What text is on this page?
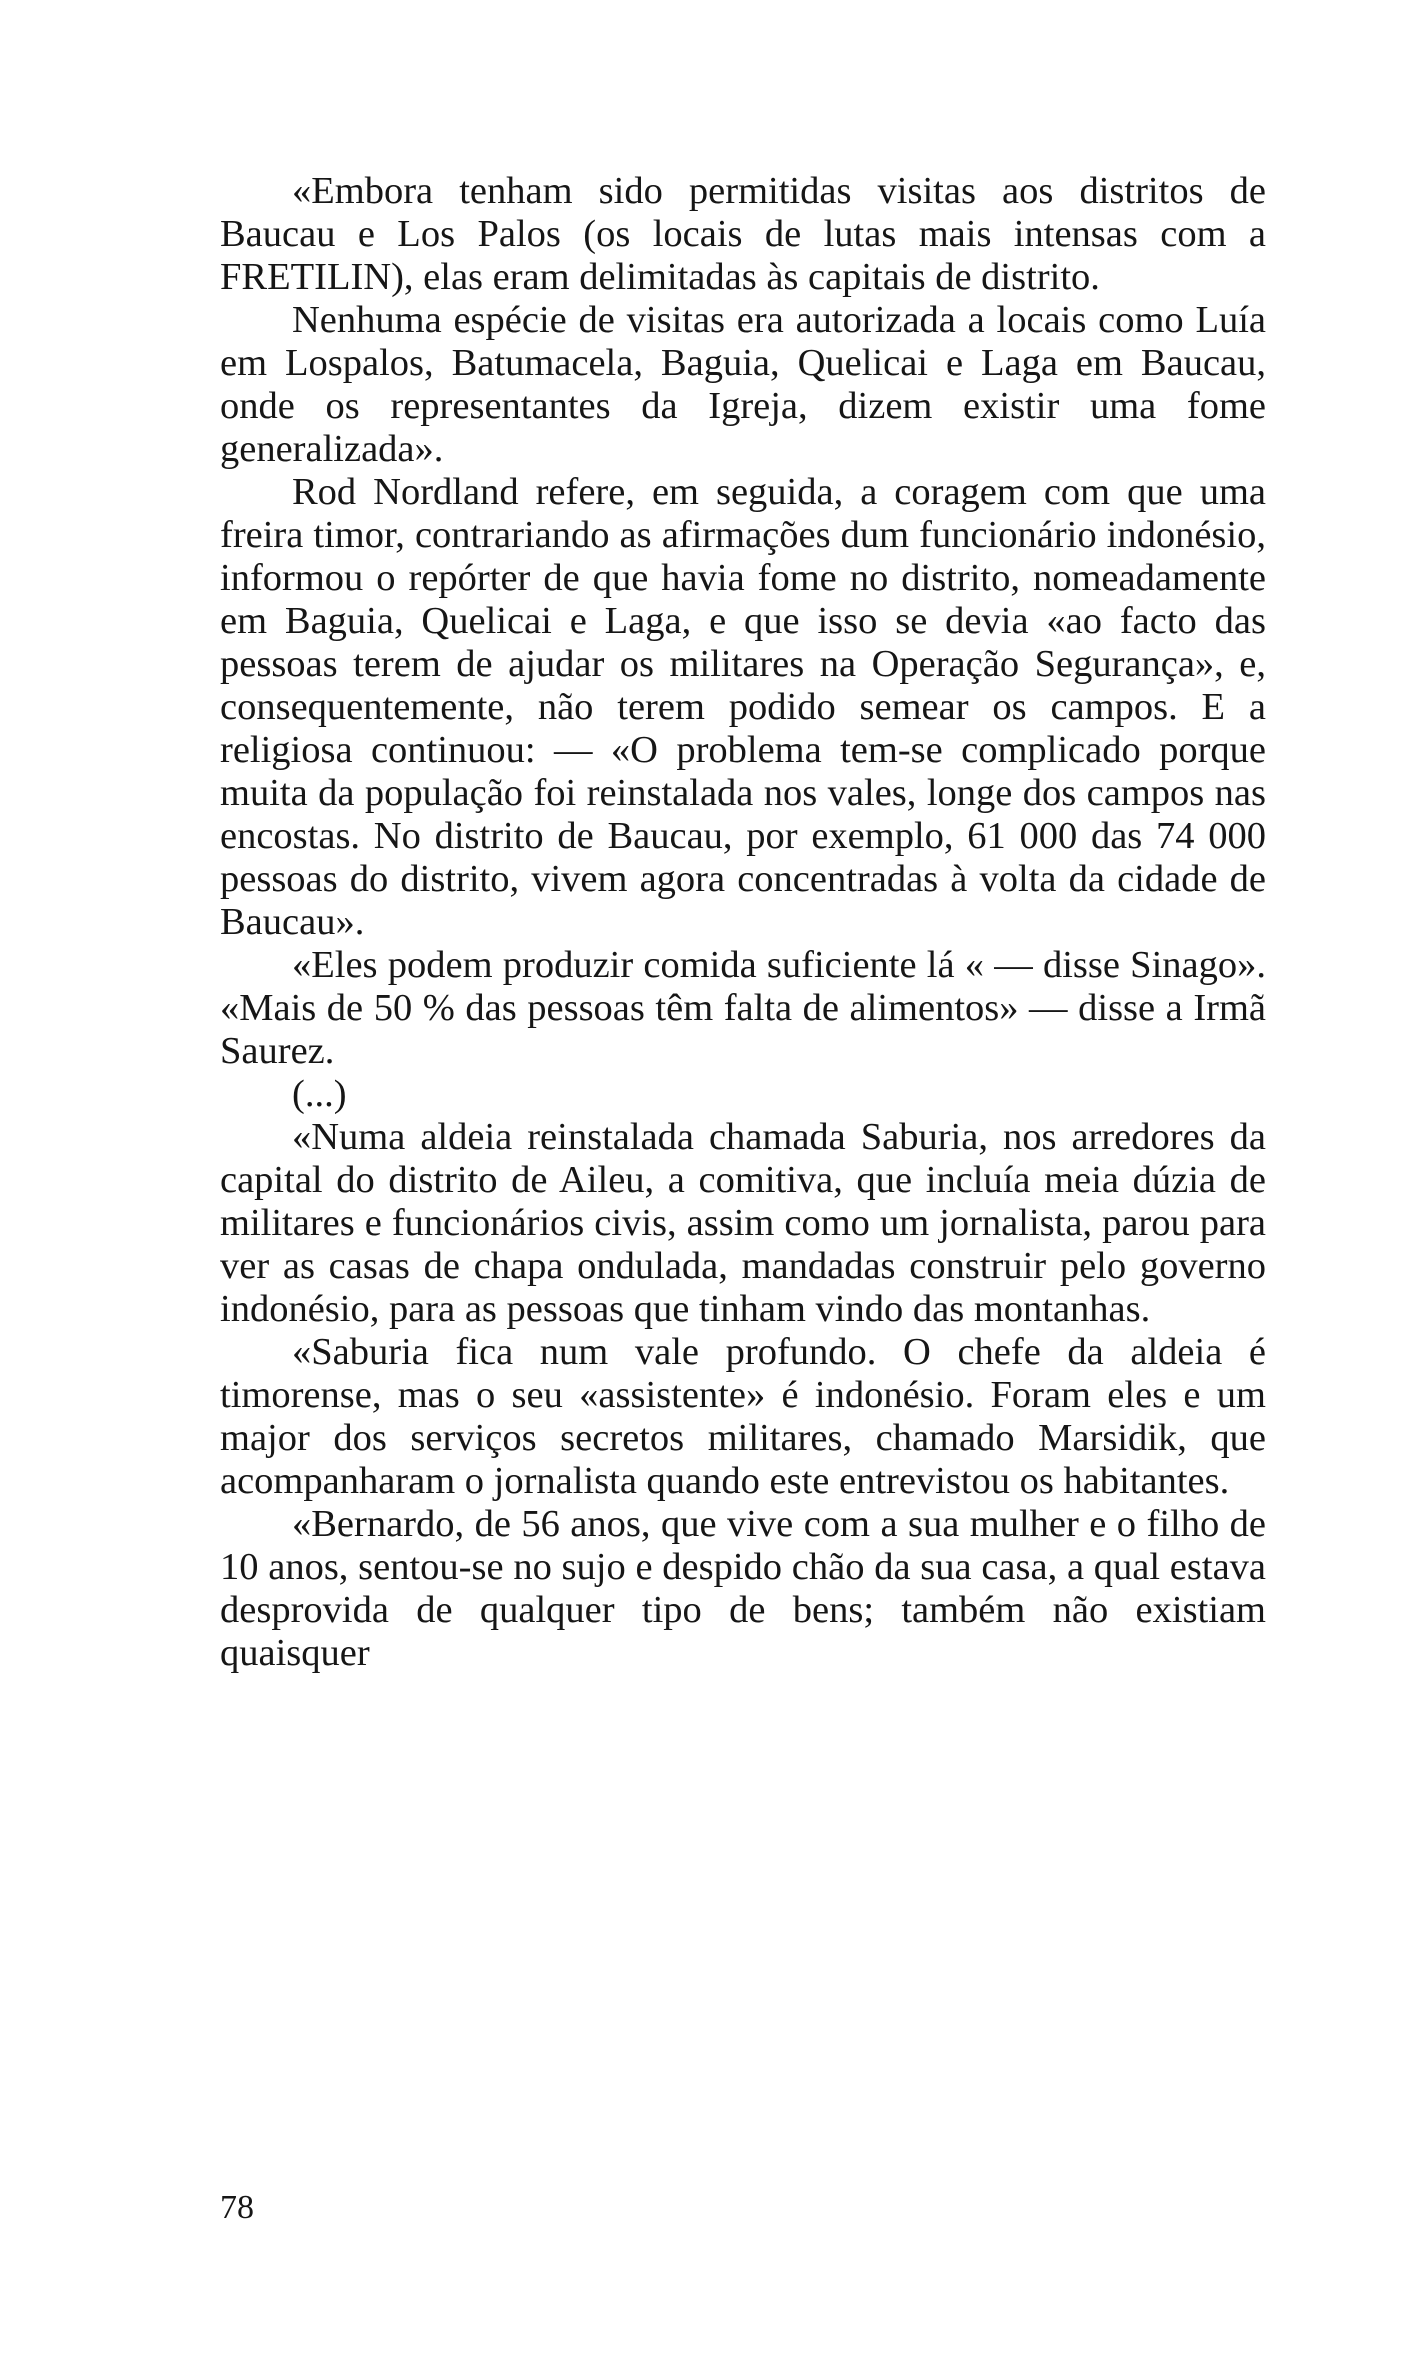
«Embora tenham sido permitidas visitas aos distritos de Baucau e Los Palos (os locais de lutas mais intensas com a FRETILIN), elas eram delimitadas às capitais de distrito.

Nenhuma espécie de visitas era autorizada a locais como Luía em Lospalos, Batumacela, Baguia, Quelicai e Laga em Baucau, onde os representantes da Igreja, dizem existir uma fome generalizada».

Rod Nordland refere, em seguida, a coragem com que uma freira timor, contrariando as afirmações dum funcionário indonésio, informou o repórter de que havia fome no distrito, nomeadamente em Baguia, Quelicai e Laga, e que isso se devia «ao facto das pessoas terem de ajudar os militares na Operação Segurança», e, consequentemente, não terem podido semear os campos. E a religiosa continuou: — «O problema tem-se complicado porque muita da população foi reinstalada nos vales, longe dos campos nas encostas. No distrito de Baucau, por exemplo, 61 000 das 74 000 pessoas do distrito, vivem agora concentradas à volta da cidade de Baucau».

«Eles podem produzir comida suficiente lá « — disse Sinago». «Mais de 50 % das pessoas têm falta de alimentos» — disse a Irmã Saurez.

(...)

«Numa aldeia reinstalada chamada Saburia, nos arredores da capital do distrito de Aileu, a comitiva, que incluía meia dúzia de militares e funcionários civis, assim como um jornalista, parou para ver as casas de chapa ondulada, mandadas construir pelo governo indonésio, para as pessoas que tinham vindo das montanhas.

«Saburia fica num vale profundo. O chefe da aldeia é timorense, mas o seu «assistente» é indonésio. Foram eles e um major dos serviços secretos militares, chamado Marsidik, que acompanharam o jornalista quando este entrevistou os habitantes.

«Bernardo, de 56 anos, que vive com a sua mulher e o filho de 10 anos, sentou-se no sujo e despido chão da sua casa, a qual estava desprovida de qualquer tipo de bens; também não existiam quaisquer

78
